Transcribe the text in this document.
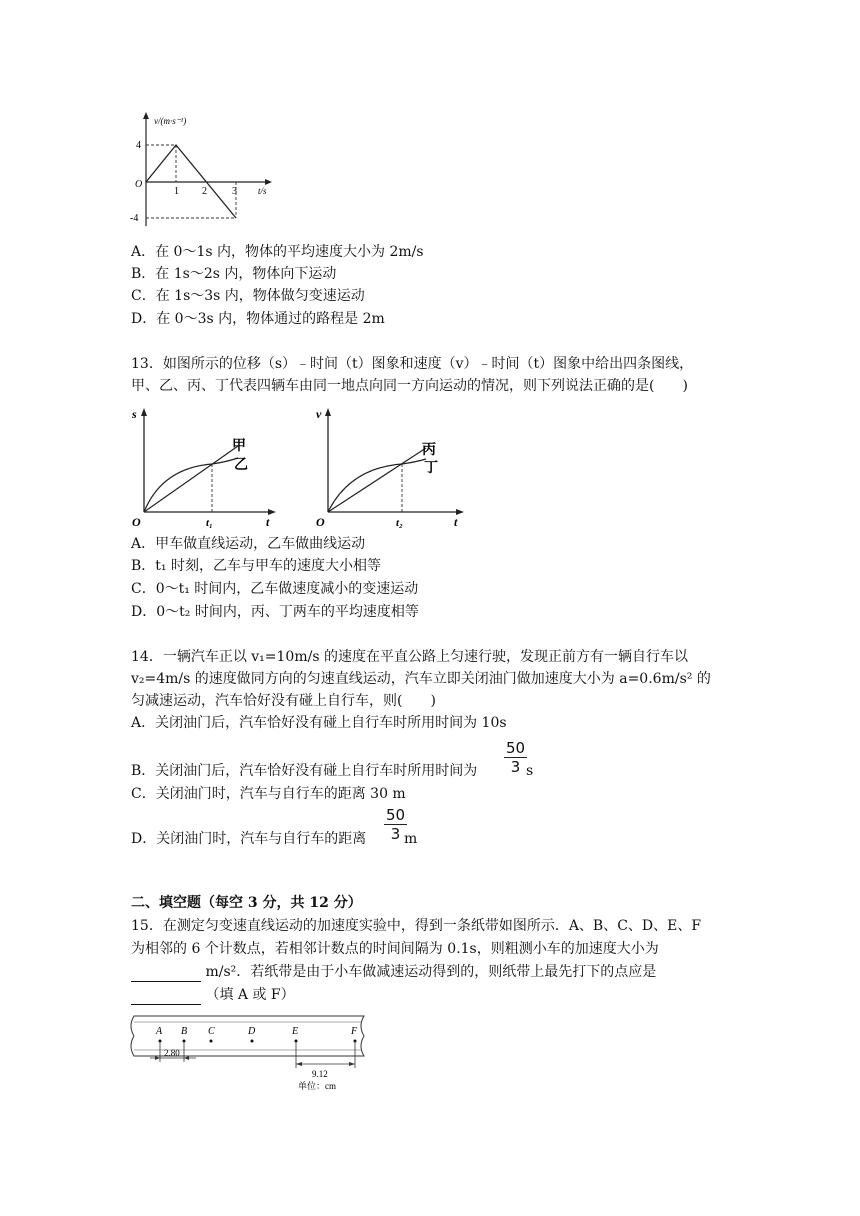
v/(m·s⁻¹)
t/s
O
4
-4
1 2	3
A．在 0～1s 内，物体的平均速度大小为 2m/s
B．在 1s～2s 内，物体向下运动
C．在 1s～3s 内，物体做匀变速运动
D．在 0～3s 内，物体通过的路程是 2m
13．如图所示的位移（s）﹣时间（t）图象和速度（v）﹣时间（t）图象中给出四条图线，
甲、乙、丙、丁代表四辆车由同一地点向同一方向运动的情况，则下列说法正确的是(　　)
s
t
O	t₁
甲
乙
v
t
O	t₂
丙
丁
A．甲车做直线运动，乙车做曲线运动
B．t₁ 时刻，乙车与甲车的速度大小相等
C．0～t₁ 时间内，乙车做速度减小的变速运动
D．0～t₂ 时间内，丙、丁两车的平均速度相等
14．一辆汽车正以 v₁=10m/s 的速度在平直公路上匀速行驶，发现正前方有一辆自行车以
v₂=4m/s 的速度做同方向的匀速直线运动，汽车立即关闭油门做加速度大小为 a=0.6m/s² 的
匀减速运动，汽车恰好没有碰上自行车，则(　　)
A．关闭油门后，汽车恰好没有碰上自行车时所用时间为 10s
B．关闭油门后，汽车恰好没有碰上自行车时所用时间为 $\frac{50}{3}$
s
C．关闭油门时，汽车与自行车的距离 30 m
D．关闭油门时，汽车与自行车的距离 $\frac{50}{3}$
m
二、填空题（每空 3 分，共 12 分）
15．在测定匀变速直线运动的加速度实验中，得到一条纸带如图所示．A、B、C、D、E、F
为相邻的 6 个计数点，若相邻计数点的时间间隔为 0.1s，则粗测小车的加速度大小为
m/s²．若纸带是由于小车做减速运动得到的，则纸带上最先打下的点应是
（填 A 或 F）
A B C	D	E	F
2.80
9.12
单位：cm
